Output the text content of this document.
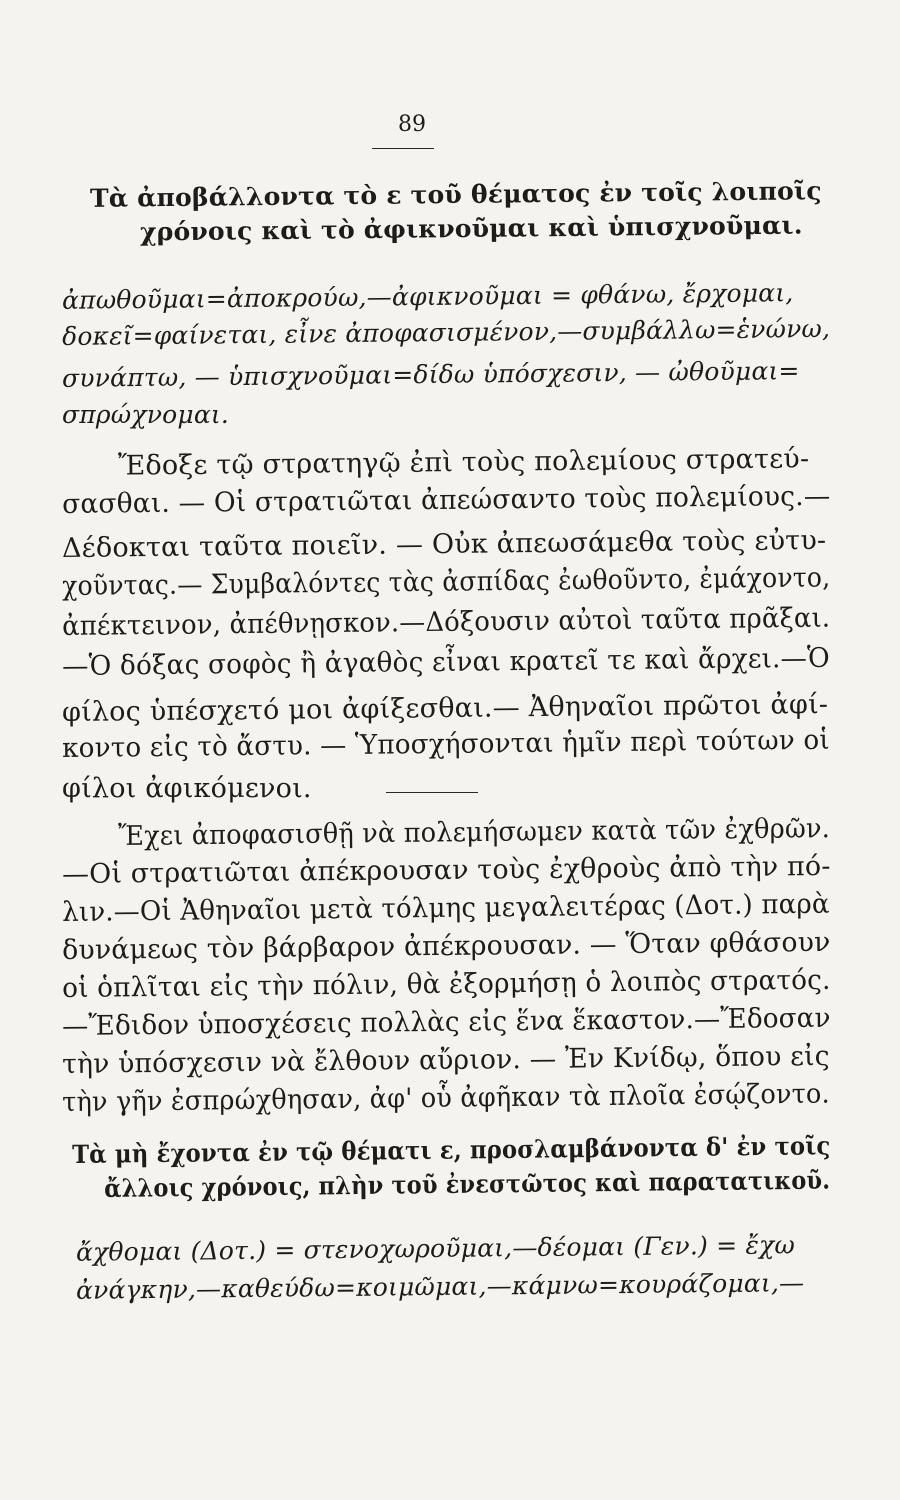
89
Τὰ ἀποβάλλοντα τὸ ε τοῦ θέματος ἐν τοῖς λοιποῖς
χρόνοις καὶ τὸ ἀφικνοῦμαι καὶ ὑπισχνοῦμαι.
ἀπωθοῦμαι=ἀποκρούω,—ἀφικνοῦμαι = φθάνω, ἔρχομαι,
δοκεῖ=φαίνεται, εἶνε ἀποφασισμένον,—συμβάλλω=ἑνώνω,
συνάπτω, — ὑπισχνοῦμαι=δίδω ὑπόσχεσιν, — ὠθοῦμαι=
σπρώχνομαι.
Ἔδοξε τῷ στρατηγῷ ἐπὶ τοὺς πολεμίους στρατεύ-
σασθαι. — Οἱ στρατιῶται ἀπεώσαντο τοὺς πολεμίους.—
Δέδοκται ταῦτα ποιεῖν. — Οὐκ ἀπεωσάμεθα τοὺς εὐτυ-
χοῦντας.— Συμβαλόντες τὰς ἀσπίδας ἐωθοῦντο, ἐμάχοντο,
ἀπέκτεινον, ἀπέθνῃσκον.—Δόξουσιν αὐτοὶ ταῦτα πρᾶξαι.
—Ὁ δόξας σοφὸς ἢ ἀγαθὸς εἶναι κρατεῖ τε καὶ ἄρχει.—Ὁ
φίλος ὑπέσχετό μοι ἀφίξεσθαι.— Ἀθηναῖοι πρῶτοι ἀφί-
κοντο εἰς τὸ ἄστυ. — Ὑποσχήσονται ἡμῖν περὶ τούτων οἱ
φίλοι ἀφικόμενοι.
Ἔχει ἀποφασισθῇ νὰ πολεμήσωμεν κατὰ τῶν ἐχθρῶν.
—Οἱ στρατιῶται ἀπέκρουσαν τοὺς ἐχθροὺς ἀπὸ τὴν πό-
λιν.—Οἱ Ἀθηναῖοι μετὰ τόλμης μεγαλειτέρας (Δοτ.) παρὰ
δυνάμεως τὸν βάρβαρον ἀπέκρουσαν. — Ὅταν φθάσουν
οἱ ὁπλῖται εἰς τὴν πόλιν, θὰ ἐξορμήσῃ ὁ λοιπὸς στρατός.
—Ἔδιδον ὑποσχέσεις πολλὰς εἰς ἕνα ἕκαστον.—Ἔδοσαν
τὴν ὑπόσχεσιν νὰ ἔλθουν αὔριον. — Ἐν Κνίδῳ, ὅπου εἰς
τὴν γῆν ἐσπρώχθησαν, ἀφ' οὗ ἀφῆκαν τὰ πλοῖα ἐσῴζοντο.
Τὰ μὴ ἔχοντα ἐν τῷ θέματι ε, προσλαμβάνοντα δ' ἐν τοῖς
ἄλλοις χρόνοις, πλὴν τοῦ ἐνεστῶτος καὶ παρατατικοῦ.
ἄχθομαι (Δοτ.) = στενοχωροῦμαι,—δέομαι (Γεν.) = ἔχω
ἀνάγκην,—καθεύδω=κοιμῶμαι,—κάμνω=κουράζομαι,—
